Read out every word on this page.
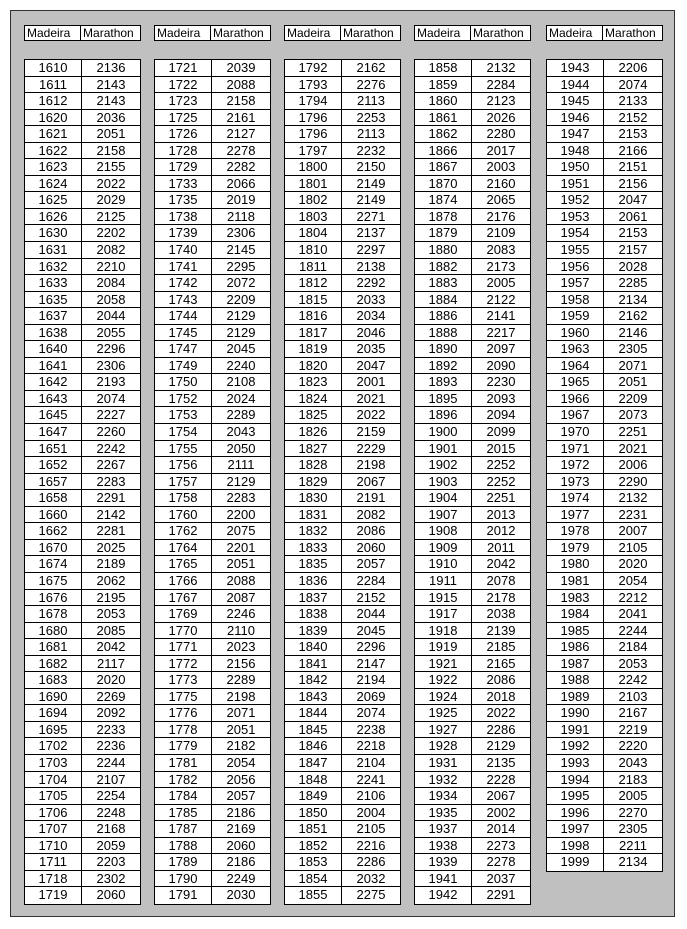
Madeira	Marathon
1610	2136
1611	2143
1612	2143
1620	2036
1621	2051
1622	2158
1623	2155
1624	2022
1625	2029
1626	2125
1630	2202
1631	2082
1632	2210
1633	2084
1635	2058
1637	2044
1638	2055
1640	2296
1641	2306
1642	2193
1643	2074
1645	2227
1647	2260
1651	2242
1652	2267
1657	2283
1658	2291
1660	2142
1662	2281
1670	2025
1674	2189
1675	2062
1676	2195
1678	2053
1680	2085
1681	2042
1682	2117
1683	2020
1690	2269
1694	2092
1695	2233
1702	2236
1703	2244
1704	2107
1705	2254
1706	2248
1707	2168
1710	2059
1711	2203
1718	2302
1719	2060
Madeira	Marathon
1721	2039
1722	2088
1723	2158
1725	2161
1726	2127
1728	2278
1729	2282
1733	2066
1735	2019
1738	2118
1739	2306
1740	2145
1741	2295
1742	2072
1743	2209
1744	2129
1745	2129
1747	2045
1749	2240
1750	2108
1752	2024
1753	2289
1754	2043
1755	2050
1756	2111
1757	2129
1758	2283
1760	2200
1762	2075
1764	2201
1765	2051
1766	2088
1767	2087
1769	2246
1770	2110
1771	2023
1772	2156
1773	2289
1775	2198
1776	2071
1778	2051
1779	2182
1781	2054
1782	2056
1784	2057
1785	2186
1787	2169
1788	2060
1789	2186
1790	2249
1791	2030
Madeira	Marathon
1792	2162
1793	2276
1794	2113
1796	2253
1796	2113
1797	2232
1800	2150
1801	2149
1802	2149
1803	2271
1804	2137
1810	2297
1811	2138
1812	2292
1815	2033
1816	2034
1817	2046
1819	2035
1820	2047
1823	2001
1824	2021
1825	2022
1826	2159
1827	2229
1828	2198
1829	2067
1830	2191
1831	2082
1832	2086
1833	2060
1835	2057
1836	2284
1837	2152
1838	2044
1839	2045
1840	2296
1841	2147
1842	2194
1843	2069
1844	2074
1845	2238
1846	2218
1847	2104
1848	2241
1849	2106
1850	2004
1851	2105
1852	2216
1853	2286
1854	2032
1855	2275
Madeira	Marathon
1858	2132
1859	2284
1860	2123
1861	2026
1862	2280
1866	2017
1867	2003
1870	2160
1874	2065
1878	2176
1879	2109
1880	2083
1882	2173
1883	2005
1884	2122
1886	2141
1888	2217
1890	2097
1892	2090
1893	2230
1895	2093
1896	2094
1900	2099
1901	2015
1902	2252
1903	2252
1904	2251
1907	2013
1908	2012
1909	2011
1910	2042
1911	2078
1915	2178
1917	2038
1918	2139
1919	2185
1921	2165
1922	2086
1924	2018
1925	2022
1927	2286
1928	2129
1931	2135
1932	2228
1934	2067
1935	2002
1937	2014
1938	2273
1939	2278
1941	2037
1942	2291
Madeira	Marathon
1943	2206
1944	2074
1945	2133
1946	2152
1947	2153
1948	2166
1950	2151
1951	2156
1952	2047
1953	2061
1954	2153
1955	2157
1956	2028
1957	2285
1958	2134
1959	2162
1960	2146
1963	2305
1964	2071
1965	2051
1966	2209
1967	2073
1970	2251
1971	2021
1972	2006
1973	2290
1974	2132
1977	2231
1978	2007
1979	2105
1980	2020
1981	2054
1983	2212
1984	2041
1985	2244
1986	2184
1987	2053
1988	2242
1989	2103
1990	2167
1991	2219
1992	2220
1993	2043
1994	2183
1995	2005
1996	2270
1997	2305
1998	2211
1999	2134
